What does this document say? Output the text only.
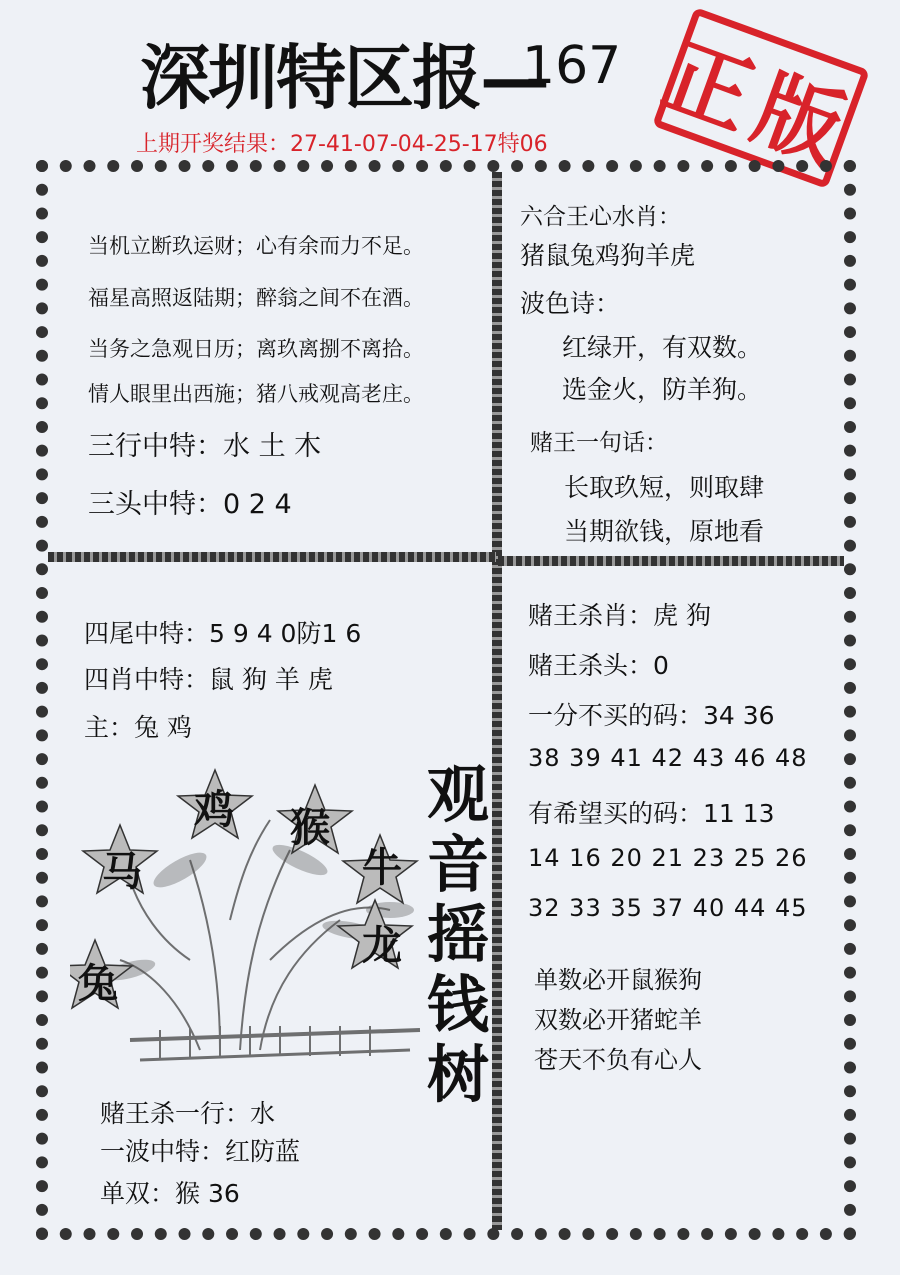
深圳特区报—
167 正版
上期开奖结果：27-41-07-04-25-17特06
当机立断玖运财；心有余而力不足。
福星高照返陆期；醉翁之间不在酒。
当务之急观日历；离玖离捌不离拾。
情人眼里出西施；猪八戒观高老庄。
三行中特：水 土 木
三头中特：0 2 4
六合王心水肖：
猪鼠兔鸡狗羊虎
波色诗：
红绿开，有双数。
选金火，防羊狗。
赌王一句话：
长取玖短，则取肆
当期欲钱，原地看
四尾中特：5 9 4 0防1 6
四肖中特：鼠 狗 羊 虎
主：兔 鸡
鸡 猴
马	牛
龙
兔
观
音
摇
钱
树
赌王杀一行：水
一波中特：红防蓝
单双：猴 36
赌王杀肖：虎 狗
赌王杀头：0
一分不买的码：34 36
38 39 41 42 43 46 48
有希望买的码：11 13
14 16 20 21 23 25 26
32 33 35 37 40 44 45
单数必开鼠猴狗
双数必开猪蛇羊
苍天不负有心人
